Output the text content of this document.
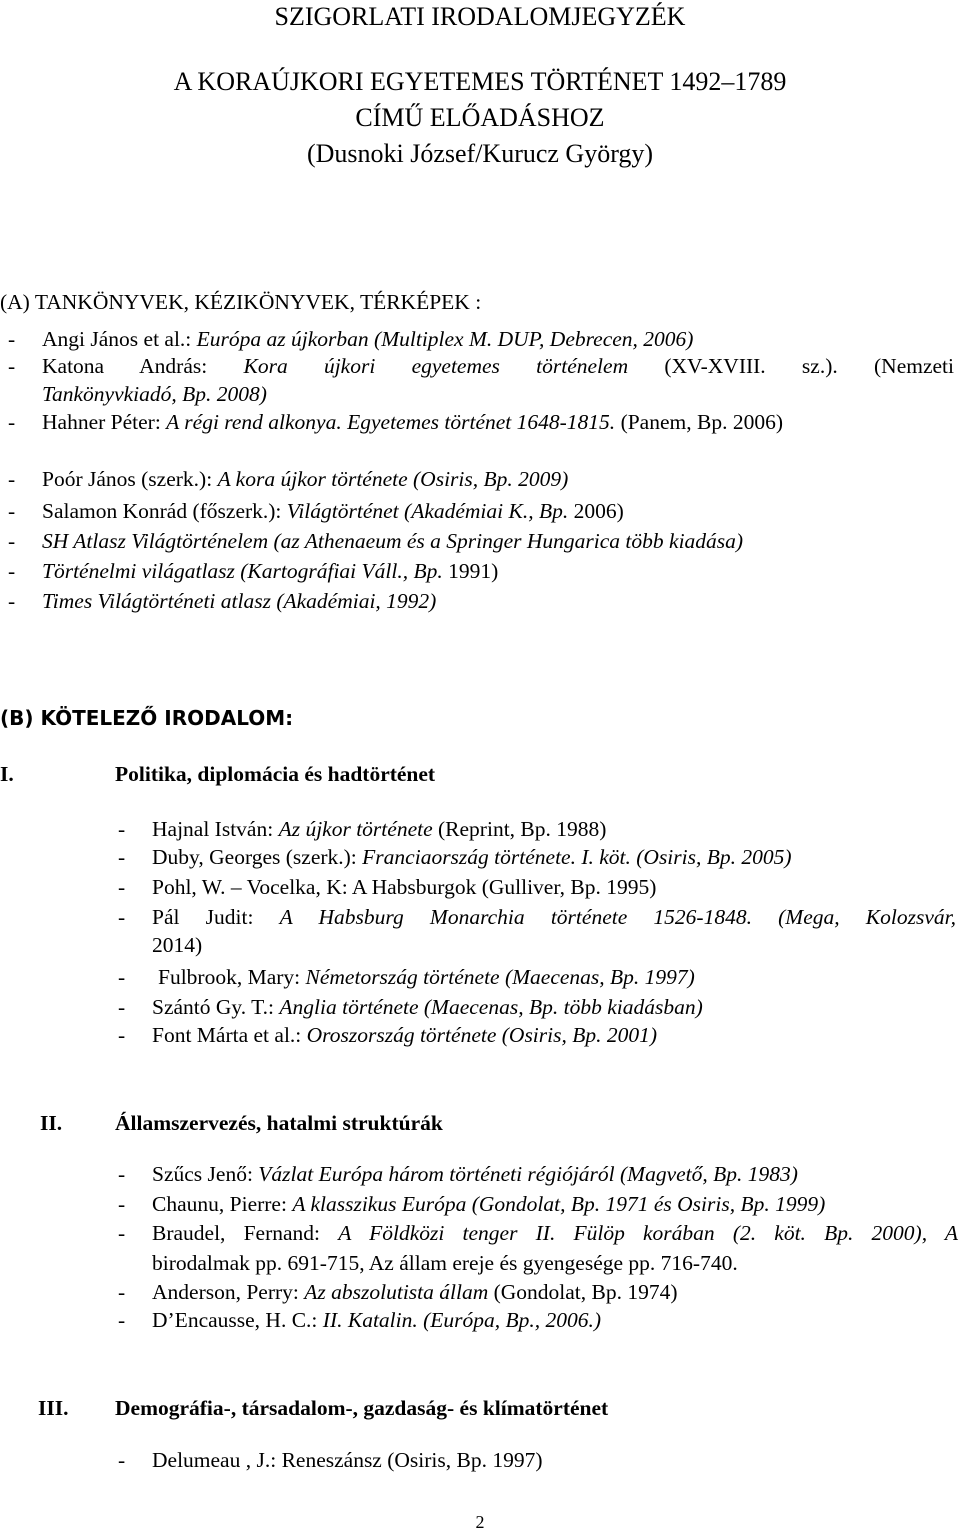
SZIGORLATI IRODALOMJEGYZÉK
A KORAÚJKORI EGYETEMES TÖRTÉNET 1492–1789
CÍMŰ ELŐADÁSHOZ
(Dusnoki József/Kurucz György)
(A) TANKÖNYVEK, KÉZIKÖNYVEK, TÉRKÉPEK :
-	Angi János et al.: Európa az újkorban (Multiplex M. DUP, Debrecen, 2006)
-	Katona András: Kora újkori egyetemes történelem (XV-XVIII. sz.). (Nemzeti
Tankönyvkiadó, Bp. 2008)
-	Hahner Péter: A régi rend alkonya. Egyetemes történet 1648-1815. (Panem, Bp. 2006)
-	Poór János (szerk.): A kora újkor története (Osiris, Bp. 2009)
-	Salamon Konrád (főszerk.): Világtörténet (Akadémiai K., Bp. 2006)
-	SH Atlasz Világtörténelem (az Athenaeum és a Springer Hungarica több kiadása)
-	Történelmi világatlasz (Kartográfiai Váll., Bp. 1991)
-	Times Világtörténeti atlasz (Akadémiai, 1992)
(B) KÖTELEZŐ IRODALOM:
I.	Politika, diplomácia és hadtörténet
-	Hajnal István: Az újkor története (Reprint, Bp. 1988)
-	Duby, Georges (szerk.): Franciaország története. I. köt. (Osiris, Bp. 2005)
-	Pohl, W. – Vocelka, K: A Habsburgok (Gulliver, Bp. 1995)
-	Pál Judit: A Habsburg Monarchia története 1526-1848. (Mega, Kolozsvár,
2014)
-	Fulbrook, Mary: Németország története (Maecenas, Bp. 1997)
-	Szántó Gy. T.: Anglia története (Maecenas, Bp. több kiadásban)
-	Font Márta et al.: Oroszország története (Osiris, Bp. 2001)
II. Államszervezés, hatalmi struktúrák
-	Szűcs Jenő: Vázlat Európa három történeti régiójáról (Magvető, Bp. 1983)
-	Chaunu, Pierre: A klasszikus Európa (Gondolat, Bp. 1971 és Osiris, Bp. 1999)
-	Braudel, Fernand: A Földközi tenger II. Fülöp korában (2. köt. Bp. 2000), A
birodalmak pp. 691-715, Az állam ereje és gyengesége pp. 716-740.
-	Anderson, Perry: Az abszolutista állam (Gondolat, Bp. 1974)
-	D’Encausse, H. C.: II. Katalin. (Európa, Bp., 2006.)
III. Demográfia-, társadalom-, gazdaság- és klímatörténet
-	Delumeau , J.: Reneszánsz (Osiris, Bp. 1997)
2
